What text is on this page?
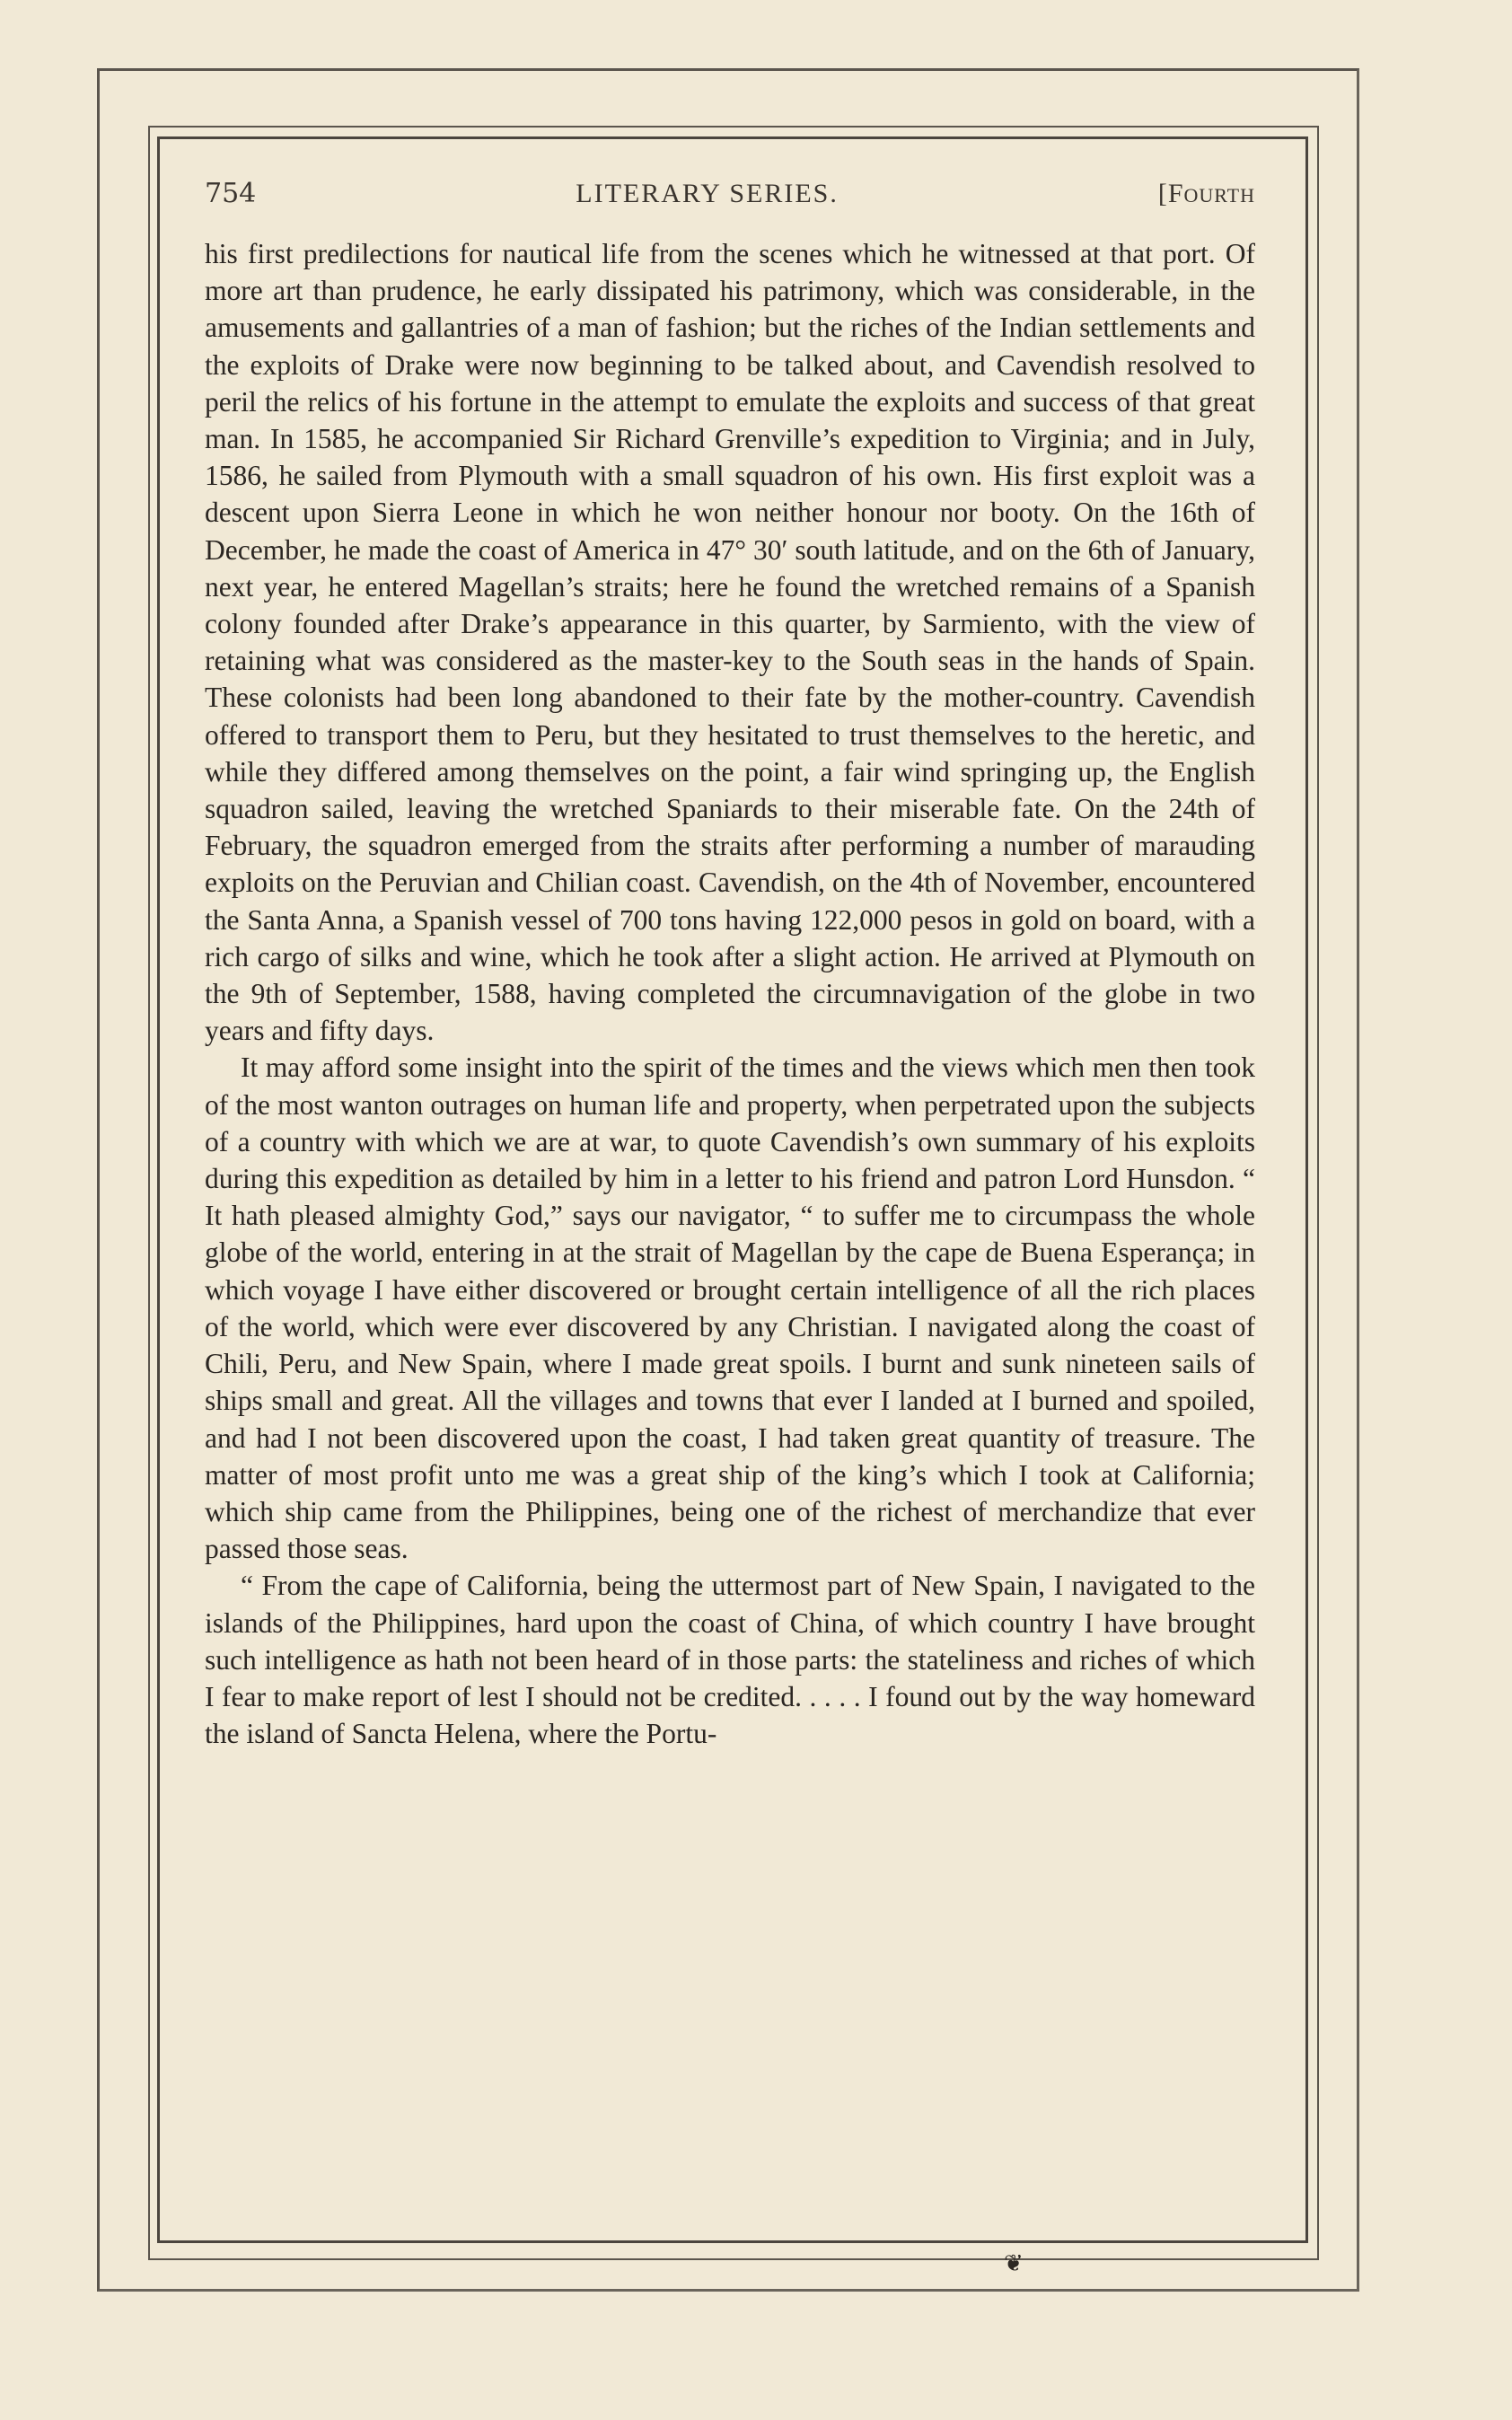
754	LITERARY SERIES.	[FOURTH

his first predilections for nautical life from the scenes which he witnessed at that port. Of more art than prudence, he early dissipated his patrimony, which was considerable, in the amusements and gallantries of a man of fashion; but the riches of the Indian settlements and the exploits of Drake were now beginning to be talked about, and Cavendish resolved to peril the relics of his fortune in the attempt to emulate the exploits and success of that great man. In 1585, he accompanied Sir Richard Grenville’s expedition to Virginia; and in July, 1586, he sailed from Plymouth with a small squadron of his own. His first exploit was a descent upon Sierra Leone in which he won neither honour nor booty. On the 16th of December, he made the coast of America in 47° 30′ south latitude, and on the 6th of January, next year, he entered Magellan’s straits; here he found the wretched remains of a Spanish colony founded after Drake’s appearance in this quarter, by Sarmiento, with the view of retaining what was considered as the master-key to the South seas in the hands of Spain. These colonists had been long abandoned to their fate by the mother-country. Cavendish offered to transport them to Peru, but they hesitated to trust themselves to the heretic, and while they differed among themselves on the point, a fair wind springing up, the English squadron sailed, leaving the wretched Spaniards to their miserable fate. On the 24th of February, the squadron emerged from the straits after performing a number of marauding exploits on the Peruvian and Chilian coast. Cavendish, on the 4th of November, encountered the Santa Anna, a Spanish vessel of 700 tons having 122,000 pesos in gold on board, with a rich cargo of silks and wine, which he took after a slight action. He arrived at Plymouth on the 9th of September, 1588, having completed the circumnavigation of the globe in two years and fifty days.

It may afford some insight into the spirit of the times and the views which men then took of the most wanton outrages on human life and property, when perpetrated upon the subjects of a country with which we are at war, to quote Cavendish’s own summary of his exploits during this expedition as detailed by him in a letter to his friend and patron Lord Hunsdon. “ It hath pleased almighty God,” says our navigator, “ to suffer me to circumpass the whole globe of the world, entering in at the strait of Magellan by the cape de Buena Esperança; in which voyage I have either discovered or brought certain intelligence of all the rich places of the world, which were ever discovered by any Christian. I navigated along the coast of Chili, Peru, and New Spain, where I made great spoils. I burnt and sunk nineteen sails of ships small and great. All the villages and towns that ever I landed at I burned and spoiled, and had I not been discovered upon the coast, I had taken great quantity of treasure. The matter of most profit unto me was a great ship of the king’s which I took at California; which ship came from the Philippines, being one of the richest of merchandize that ever passed those seas.

“ From the cape of California, being the uttermost part of New Spain, I navigated to the islands of the Philippines, hard upon the coast of China, of which country I have brought such intelligence as hath not been heard of in those parts: the stateliness and riches of which I fear to make report of lest I should not be credited. . . . . I found out by the way homeward the island of Sancta Helena, where the Portu-

❦
